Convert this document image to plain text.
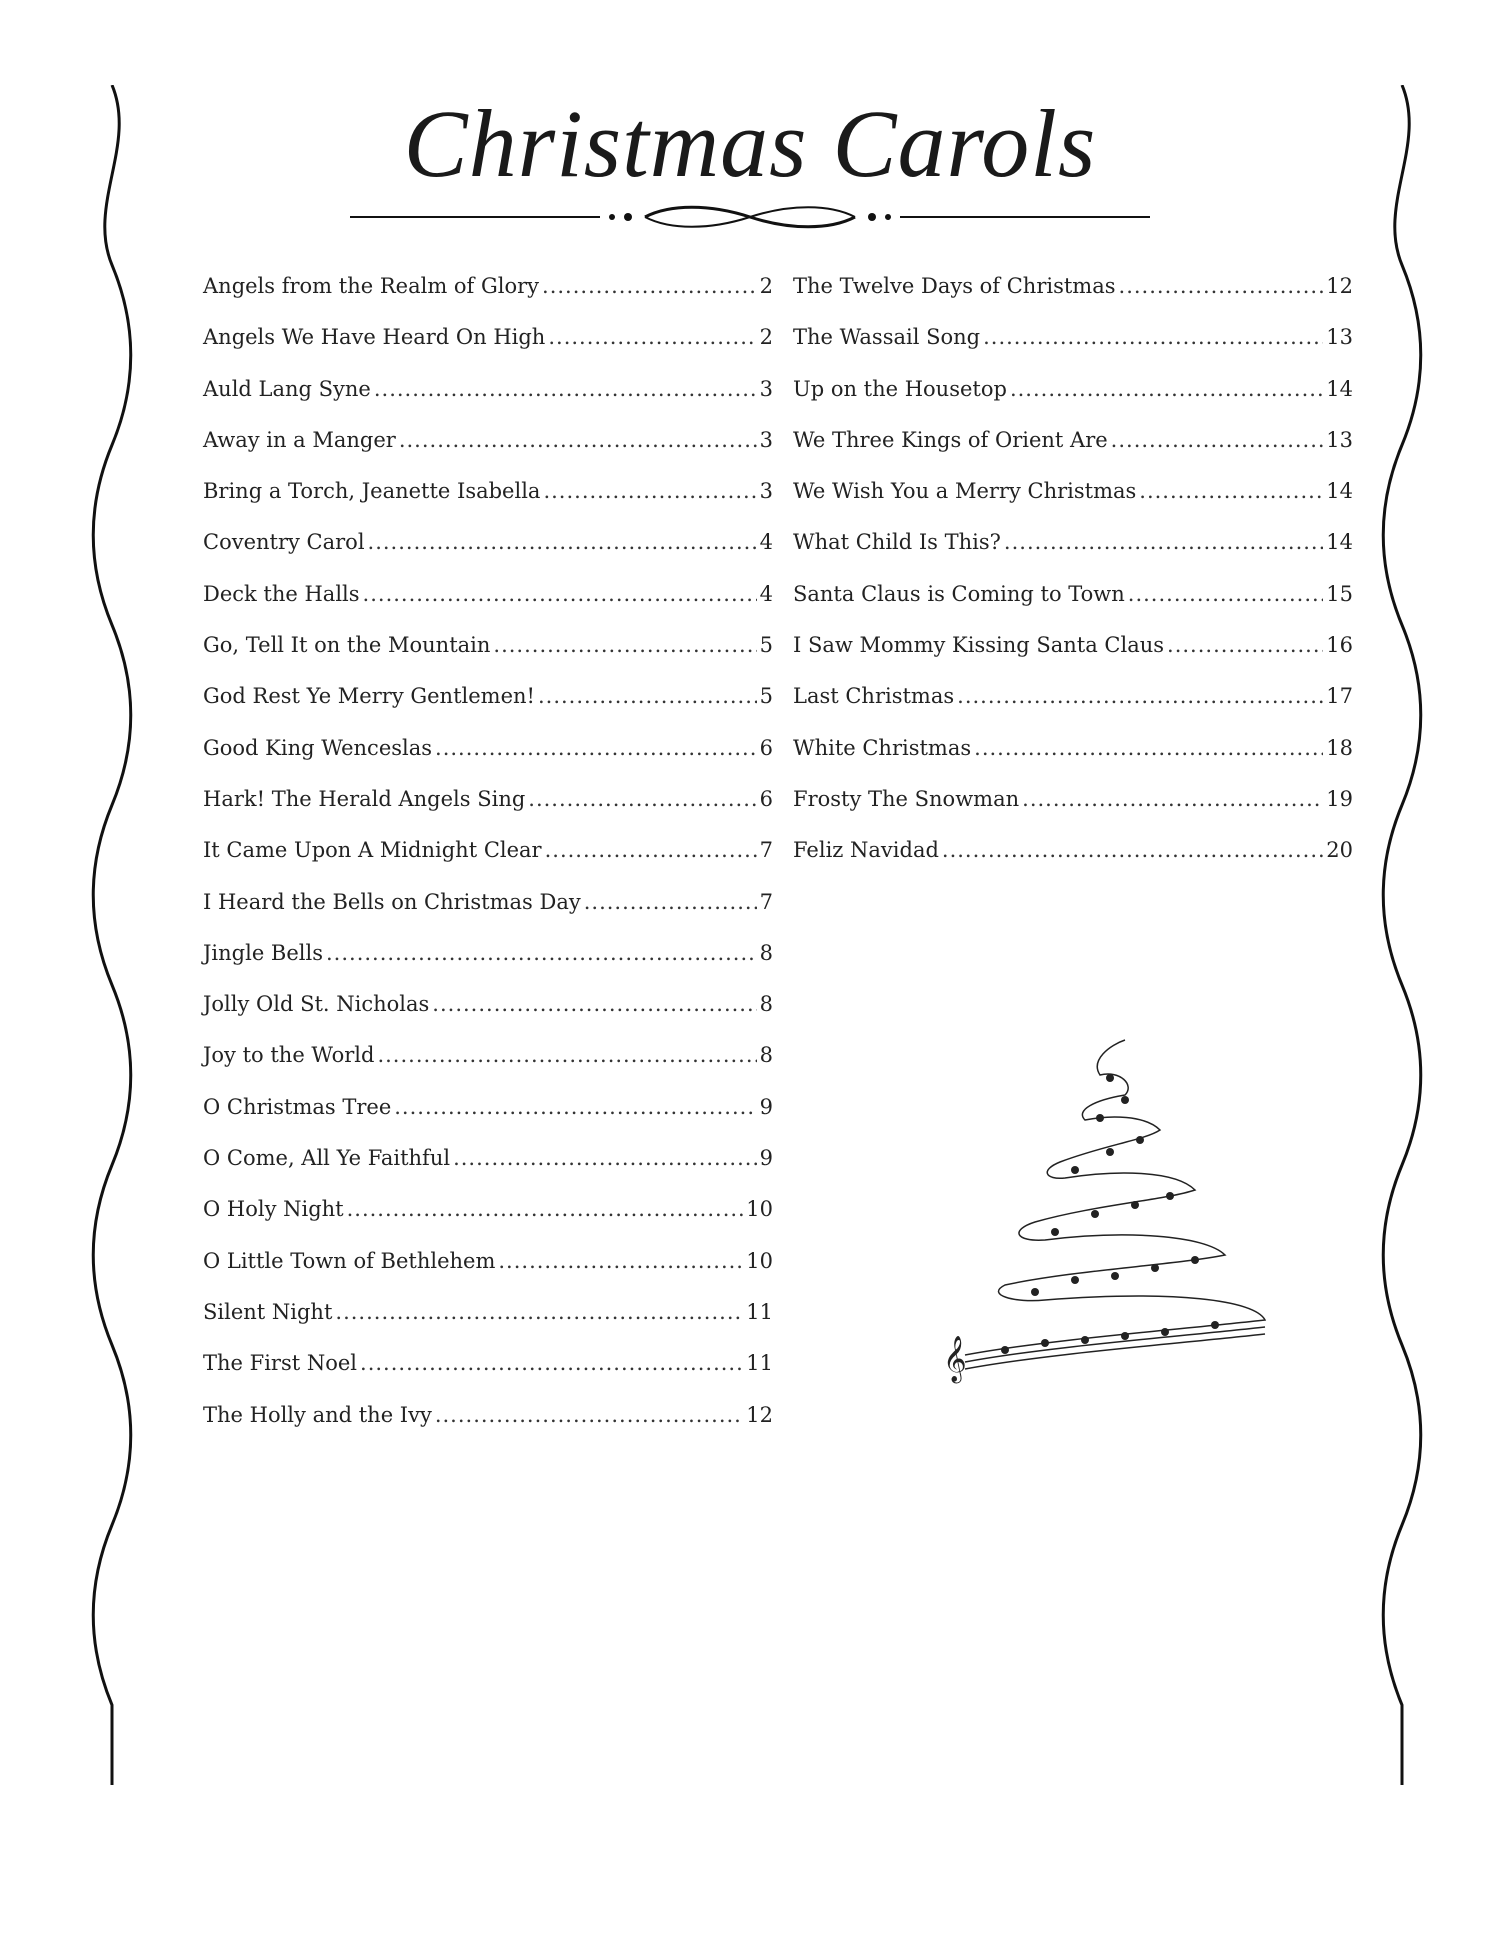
Christmas Carols
Angels from the Realm of Glory .....	2
Angels We Have Heard On High .....	2
Auld Lang Syne .....	3
Away in a Manger .....	3
Bring a Torch, Jeanette Isabella .....	3
Coventry Carol .....	4
Deck the Halls .....	4
Go, Tell It on the Mountain .....	5
God Rest Ye Merry Gentlemen! .....	5
Good King Wenceslas .....	6
Hark! The Herald Angels Sing .....	6
It Came Upon A Midnight Clear .....	7
I Heard the Bells on Christmas Day .....	7
Jingle Bells .....	8
Jolly Old St. Nicholas .....	8
Joy to the World .....	8
O Christmas Tree .....	9
O Come, All Ye Faithful .....	9
O Holy Night .....	10
O Little Town of Bethlehem .....	10
Silent Night .....	11
The First Noel .....	11
The Holly and the Ivy .....	12
The Twelve Days of Christmas .....	12
The Wassail Song .....	13
Up on the Housetop .....	14
We Three Kings of Orient Are .....	13
We Wish You a Merry Christmas .....	14
What Child Is This? .....	14
Santa Claus is Coming to Town .....	15
I Saw Mommy Kissing Santa Claus .....	16
Last Christmas .....	17
White Christmas .....	18
Frosty The Snowman .....	19
Feliz Navidad .....	20
𝄞
